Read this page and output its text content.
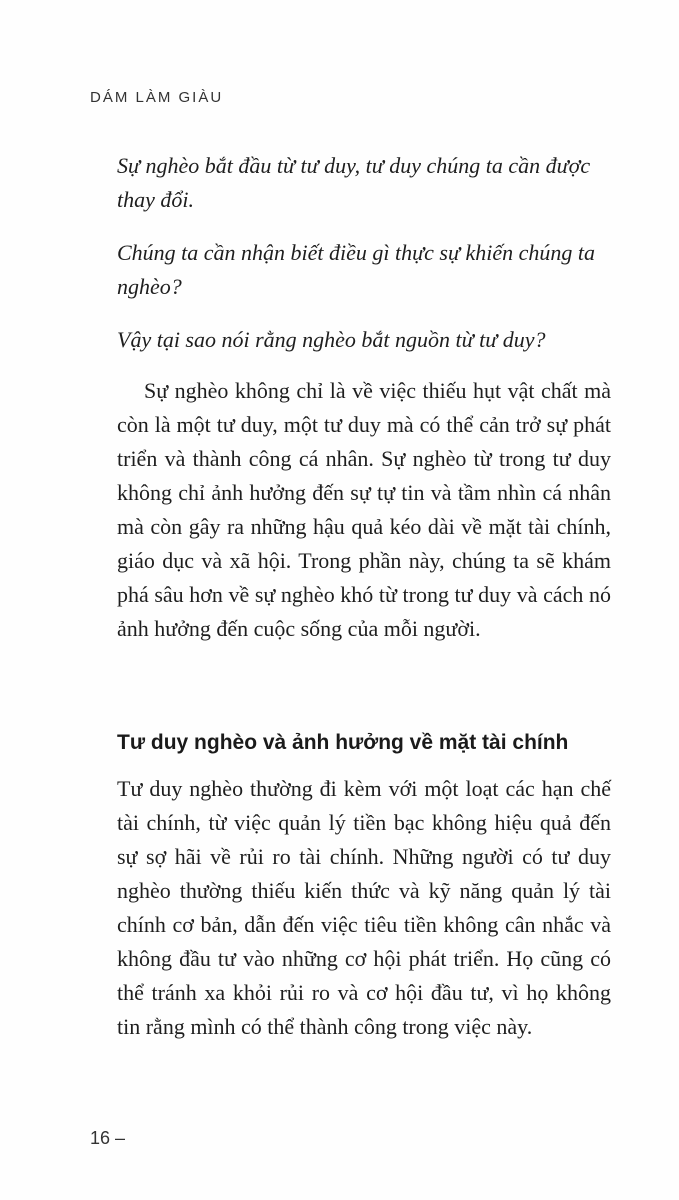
DÁM LÀM GIÀU

Sự nghèo bắt đầu từ tư duy, tư duy chúng ta cần được thay đổi.

Chúng ta cần nhận biết điều gì thực sự khiến chúng ta nghèo?

Vậy tại sao nói rằng nghèo bắt nguồn từ tư duy?

Sự nghèo không chỉ là về việc thiếu hụt vật chất mà còn là một tư duy, một tư duy mà có thể cản trở sự phát triển và thành công cá nhân. Sự nghèo từ trong tư duy không chỉ ảnh hưởng đến sự tự tin và tầm nhìn cá nhân mà còn gây ra những hậu quả kéo dài về mặt tài chính, giáo dục và xã hội. Trong phần này, chúng ta sẽ khám phá sâu hơn về sự nghèo khó từ trong tư duy và cách nó ảnh hưởng đến cuộc sống của mỗi người.

Tư duy nghèo và ảnh hưởng về mặt tài chính

Tư duy nghèo thường đi kèm với một loạt các hạn chế tài chính, từ việc quản lý tiền bạc không hiệu quả đến sự sợ hãi về rủi ro tài chính. Những người có tư duy nghèo thường thiếu kiến thức và kỹ năng quản lý tài chính cơ bản, dẫn đến việc tiêu tiền không cân nhắc và không đầu tư vào những cơ hội phát triển. Họ cũng có thể tránh xa khỏi rủi ro và cơ hội đầu tư, vì họ không tin rằng mình có thể thành công trong việc này.

16 –
